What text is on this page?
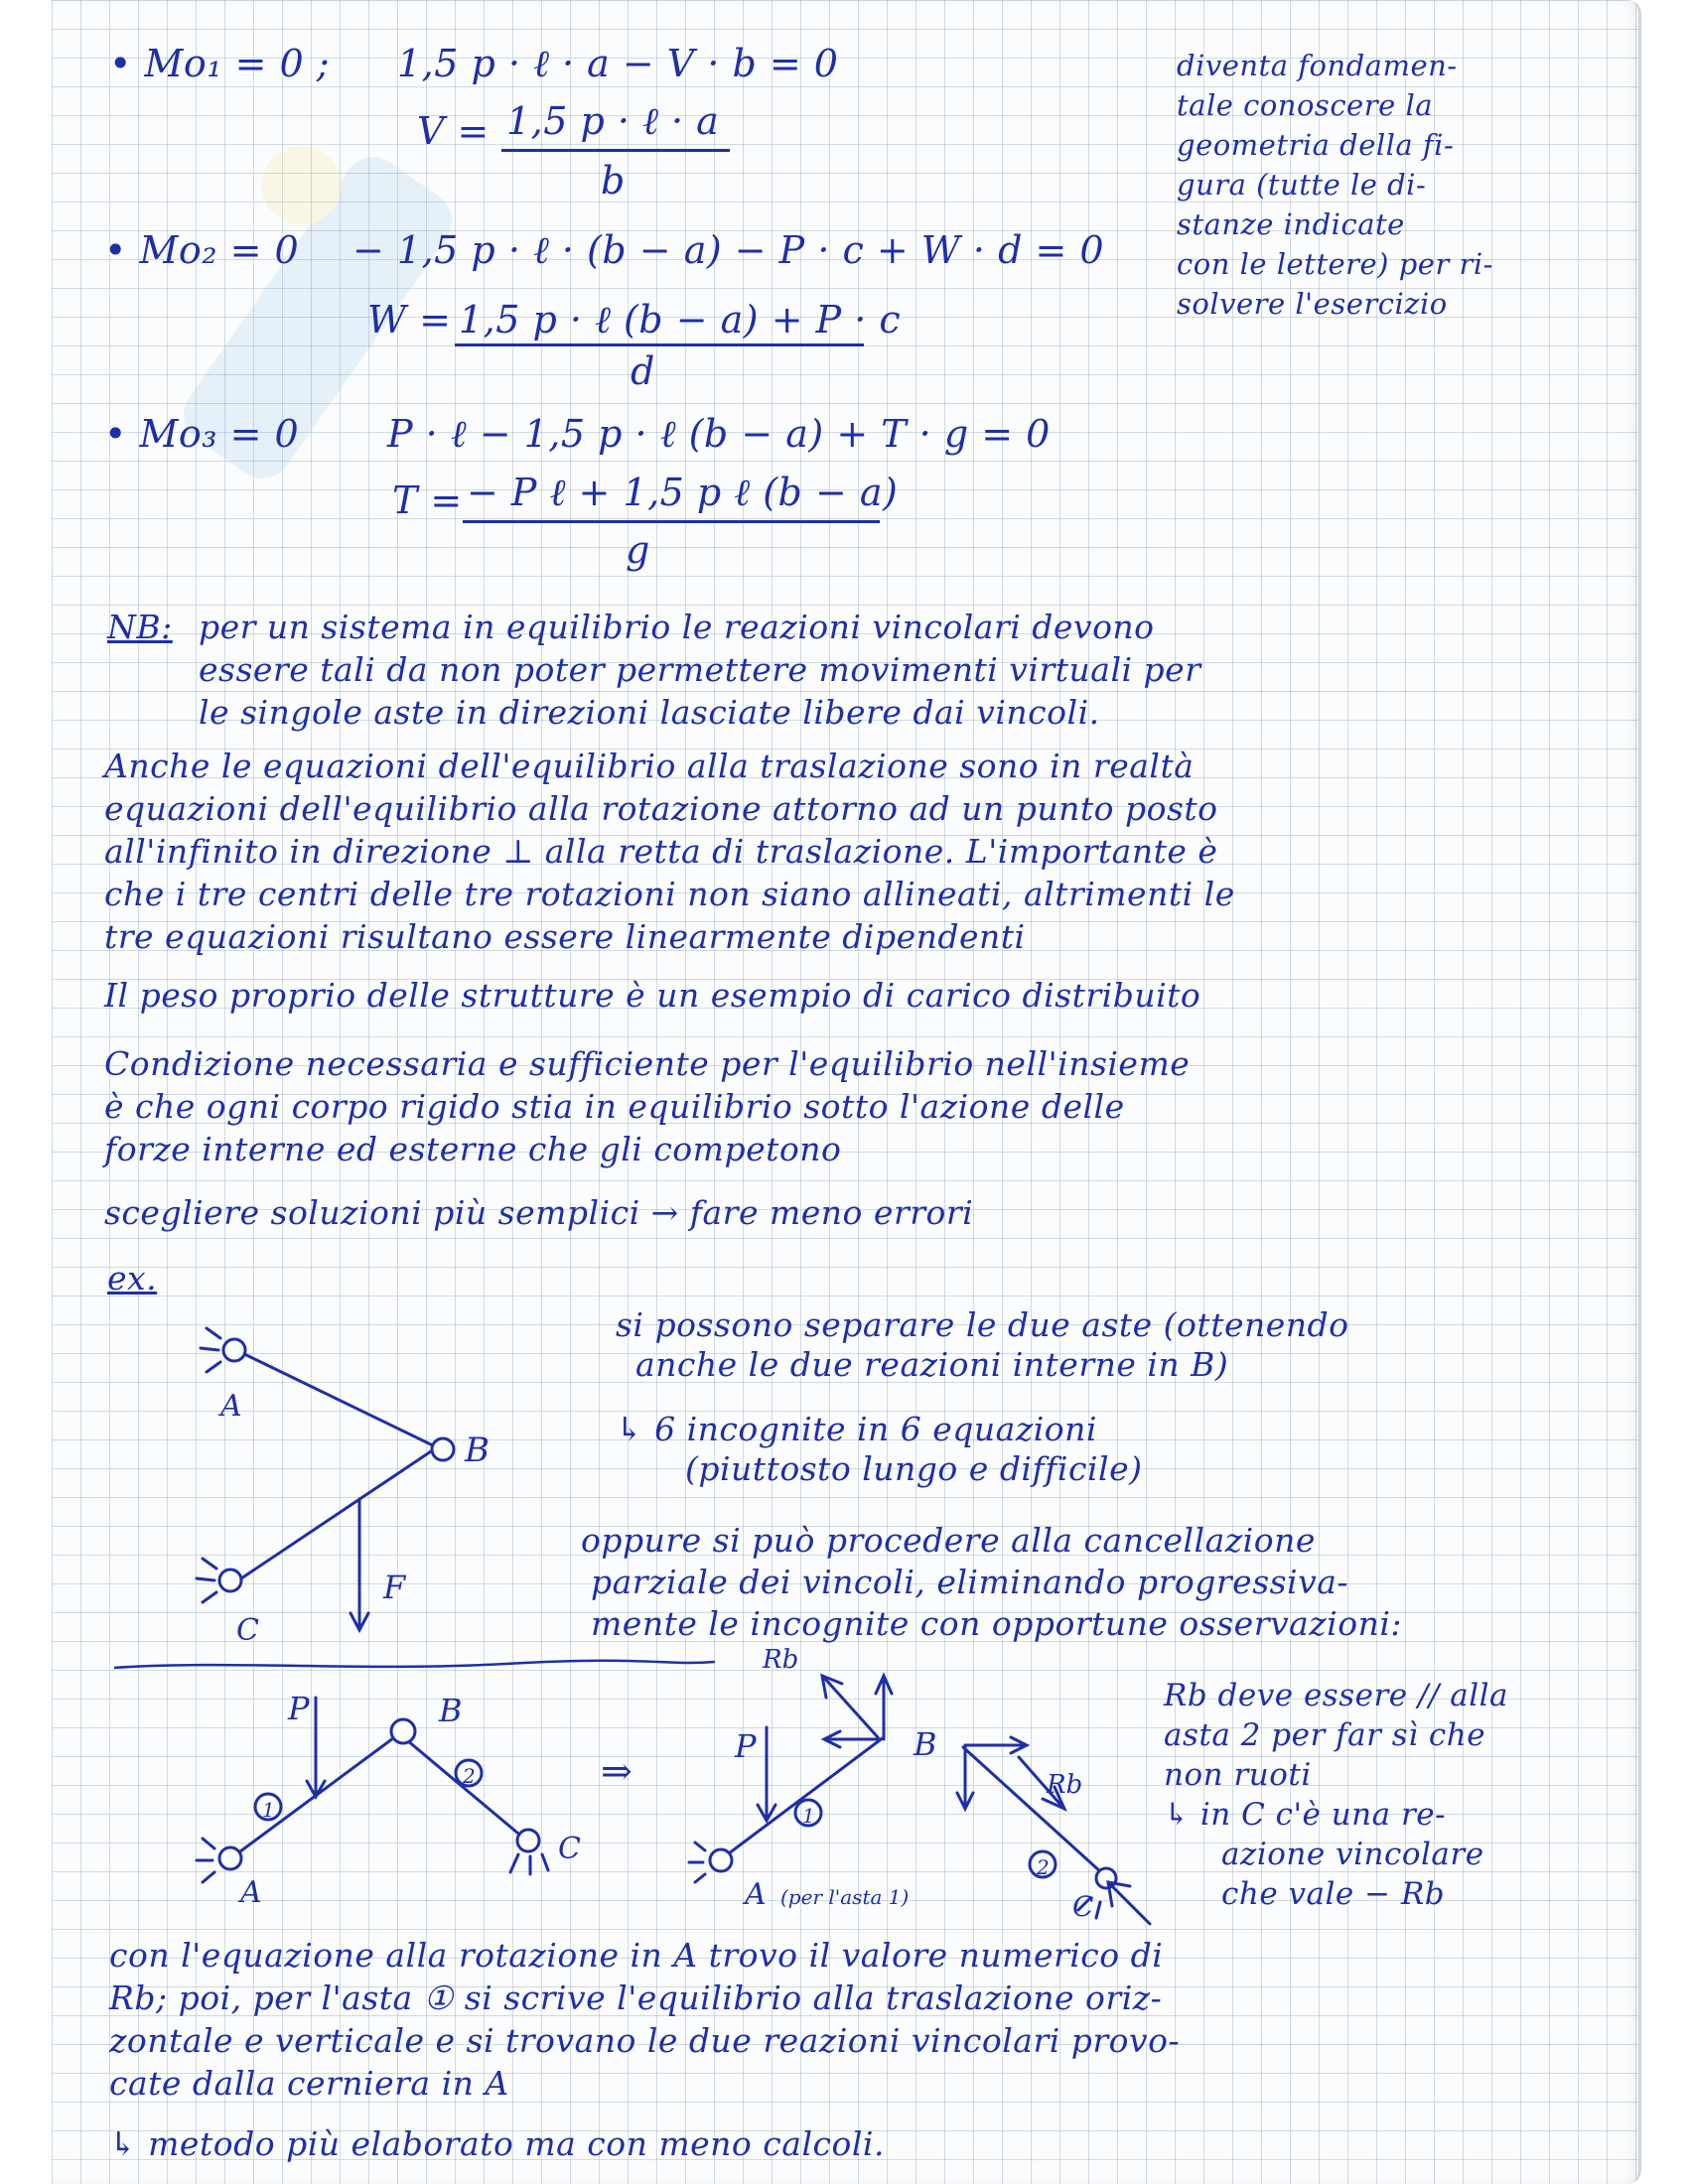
• Mo₁ = 0 ; 1,5 p · ℓ · a − V · b = 0
V = 1,5 p · ℓ · a
b
• Mo₂ = 0 − 1,5 p · ℓ · (b − a) − P · c + W · d = 0
W = 1,5 p · ℓ (b − a) + P · c
d
• Mo₃ = 0 P · ℓ − 1,5 p · ℓ (b − a) + T · g = 0
T = − P ℓ + 1,5 p ℓ (b − a)
g
diventa fondamen-
tale conoscere la
geometria della fi-
gura (tutte le di-
stanze indicate
con le lettere) per ri-
solvere l'esercizio
NB: per un sistema in equilibrio le reazioni vincolari devono
essere tali da non poter permettere movimenti virtuali per
le singole aste in direzioni lasciate libere dai vincoli.
Anche le equazioni dell'equilibrio alla traslazione sono in realtà
equazioni dell'equilibrio alla rotazione attorno ad un punto posto
all'infinito in direzione ⊥ alla retta di traslazione. L'importante è
che i tre centri delle tre rotazioni non siano allineati, altrimenti le
tre equazioni risultano essere linearmente dipendenti
Il peso proprio delle strutture è un esempio di carico distribuito
Condizione necessaria e sufficiente per l'equilibrio nell'insieme
è che ogni corpo rigido stia in equilibrio sotto l'azione delle
forze interne ed esterne che gli competono
scegliere soluzioni più semplici → fare meno errori
ex.
si possono separare le due aste (ottenendo
anche le due reazioni interne in B)
↳ 6 incognite in 6 equazioni
(piuttosto lungo e difficile)
oppure si può procedere alla cancellazione
parziale dei vincoli, eliminando progressiva-
mente le incognite con opportune osservazioni:
A
B
C
F
P
1
2
B
A
C
⇒
P
1
Rb
B
2
Rb
A (per l'asta 1)	C
Rb deve essere // alla
asta 2 per far sì che
non ruoti
↳ in C c'è una re-
azione vincolare
che vale − Rb
con l'equazione alla rotazione in A trovo il valore numerico di
Rb; poi, per l'asta ① si scrive l'equilibrio alla traslazione oriz-
zontale e verticale e si trovano le due reazioni vincolari provo-
cate dalla cerniera in A
↳ metodo più elaborato ma con meno calcoli.
